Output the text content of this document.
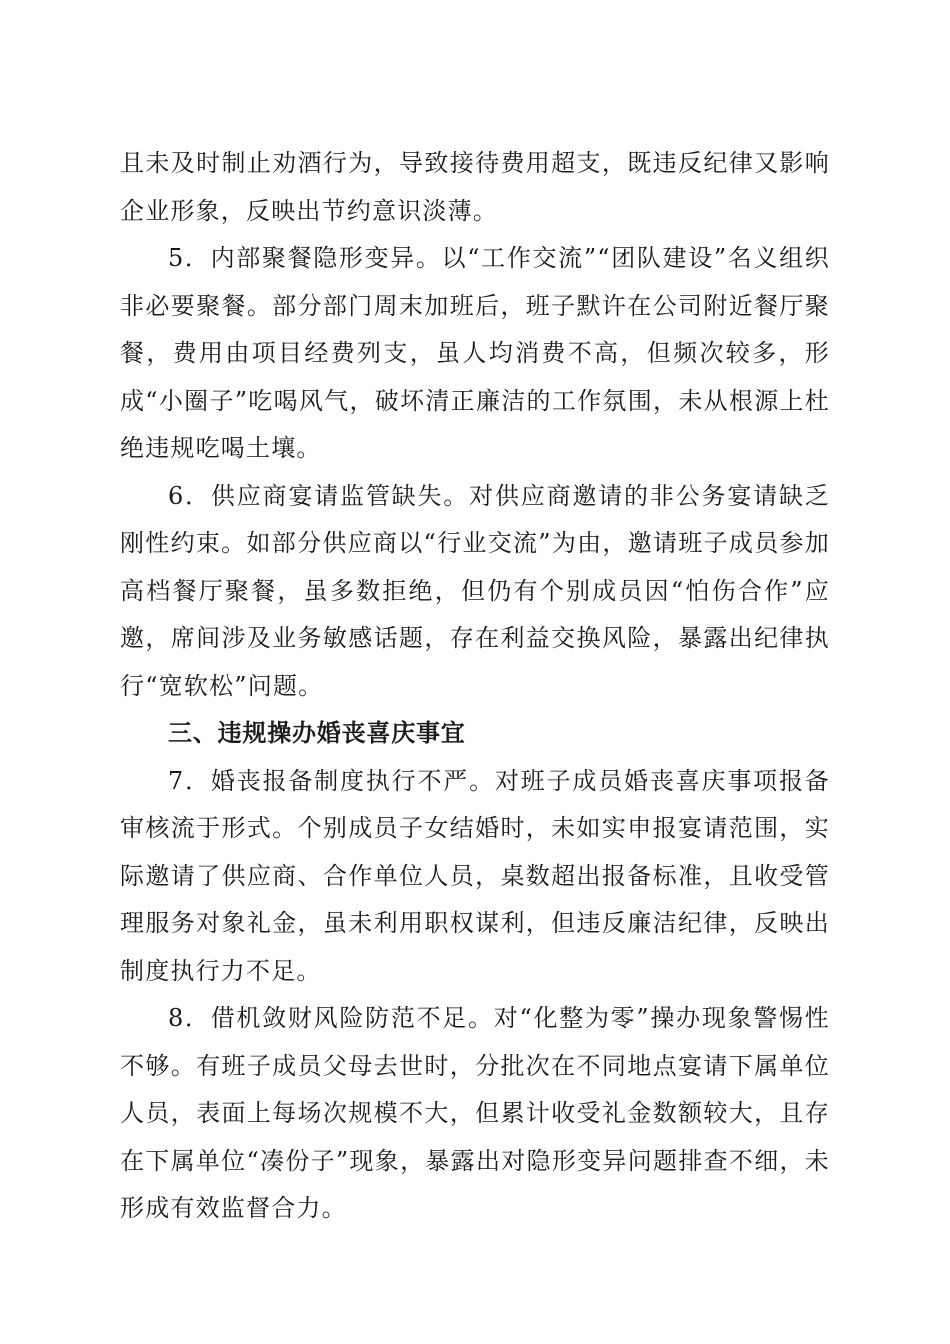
且未及时制止劝酒行为，导致接待费用超支，既违反纪律又影响企业形象，反映出节约意识淡薄。

5．内部聚餐隐形变异。以“工作交流”“团队建设”名义组织非必要聚餐。部分部门周末加班后，班子默许在公司附近餐厅聚餐，费用由项目经费列支，虽人均消费不高，但频次较多，形成“小圈子”吃喝风气，破坏清正廉洁的工作氛围，未从根源上杜绝违规吃喝土壤。

6．供应商宴请监管缺失。对供应商邀请的非公务宴请缺乏刚性约束。如部分供应商以“行业交流”为由，邀请班子成员参加高档餐厅聚餐，虽多数拒绝，但仍有个别成员因“怕伤合作”应邀，席间涉及业务敏感话题，存在利益交换风险，暴露出纪律执行“宽软松”问题。

三、违规操办婚丧喜庆事宜

7．婚丧报备制度执行不严。对班子成员婚丧喜庆事项报备审核流于形式。个别成员子女结婚时，未如实申报宴请范围，实际邀请了供应商、合作单位人员，桌数超出报备标准，且收受管理服务对象礼金，虽未利用职权谋利，但违反廉洁纪律，反映出制度执行力不足。

8．借机敛财风险防范不足。对“化整为零”操办现象警惕性不够。有班子成员父母去世时，分批次在不同地点宴请下属单位人员，表面上每场次规模不大，但累计收受礼金数额较大，且存在下属单位“凑份子”现象，暴露出对隐形变异问题排查不细，未形成有效监督合力。
